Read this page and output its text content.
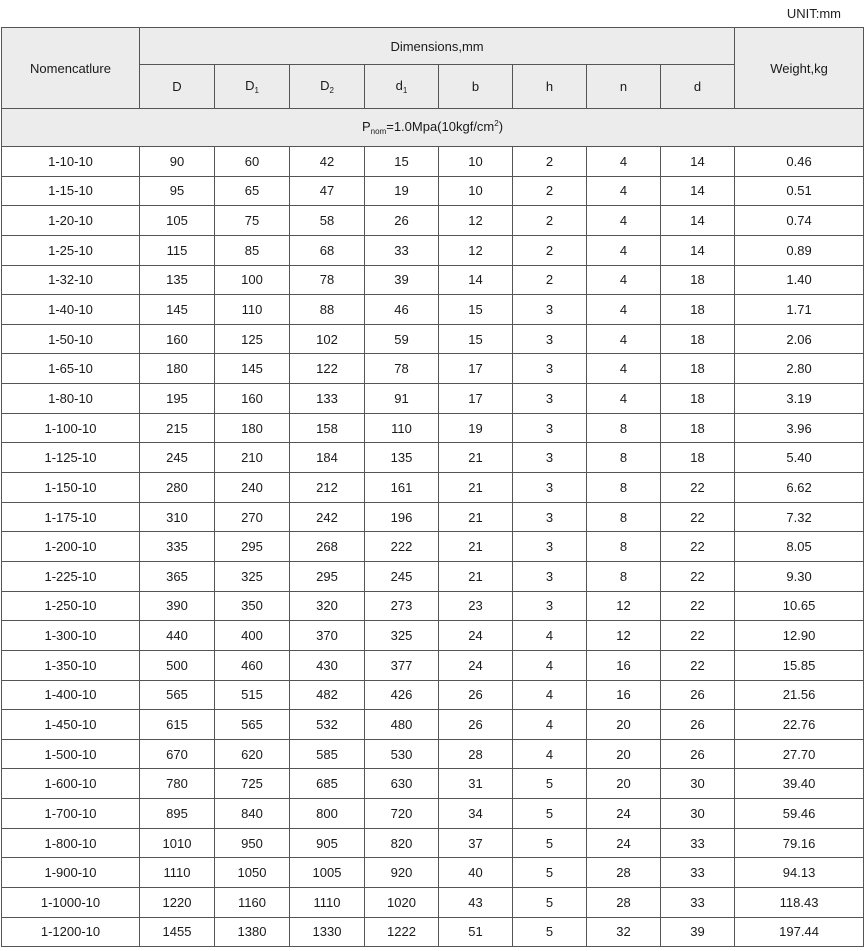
UNIT:mm
Nomencatlure	Dimensions,mm								Weight,kg
	D	$D_1$	$D_2$	$d_1$	b	h	n	d	
$P_{nom}=1.0Mpa(10kgf/cm^2)$									
1-10-10	90	60	42	15	10	2	4	14	0.46
1-15-10	95	65	47	19	10	2	4	14	0.51
1-20-10	105	75	58	26	12	2	4	14	0.74
1-25-10	115	85	68	33	12	2	4	14	0.89
1-32-10	135	100	78	39	14	2	4	18	1.40
1-40-10	145	110	88	46	15	3	4	18	1.71
1-50-10	160	125	102	59	15	3	4	18	2.06
1-65-10	180	145	122	78	17	3	4	18	2.80
1-80-10	195	160	133	91	17	3	4	18	3.19
1-100-10	215	180	158	110	19	3	8	18	3.96
1-125-10	245	210	184	135	21	3	8	18	5.40
1-150-10	280	240	212	161	21	3	8	22	6.62
1-175-10	310	270	242	196	21	3	8	22	7.32
1-200-10	335	295	268	222	21	3	8	22	8.05
1-225-10	365	325	295	245	21	3	8	22	9.30
1-250-10	390	350	320	273	23	3	12	22	10.65
1-300-10	440	400	370	325	24	4	12	22	12.90
1-350-10	500	460	430	377	24	4	16	22	15.85
1-400-10	565	515	482	426	26	4	16	26	21.56
1-450-10	615	565	532	480	26	4	20	26	22.76
1-500-10	670	620	585	530	28	4	20	26	27.70
1-600-10	780	725	685	630	31	5	20	30	39.40
1-700-10	895	840	800	720	34	5	24	30	59.46
1-800-10	1010	950	905	820	37	5	24	33	79.16
1-900-10	1110	1050	1005	920	40	5	28	33	94.13
1-1000-10	1220	1160	1110	1020	43	5	28	33	118.43
1-1200-10	1455	1380	1330	1222	51	5	32	39	197.44
